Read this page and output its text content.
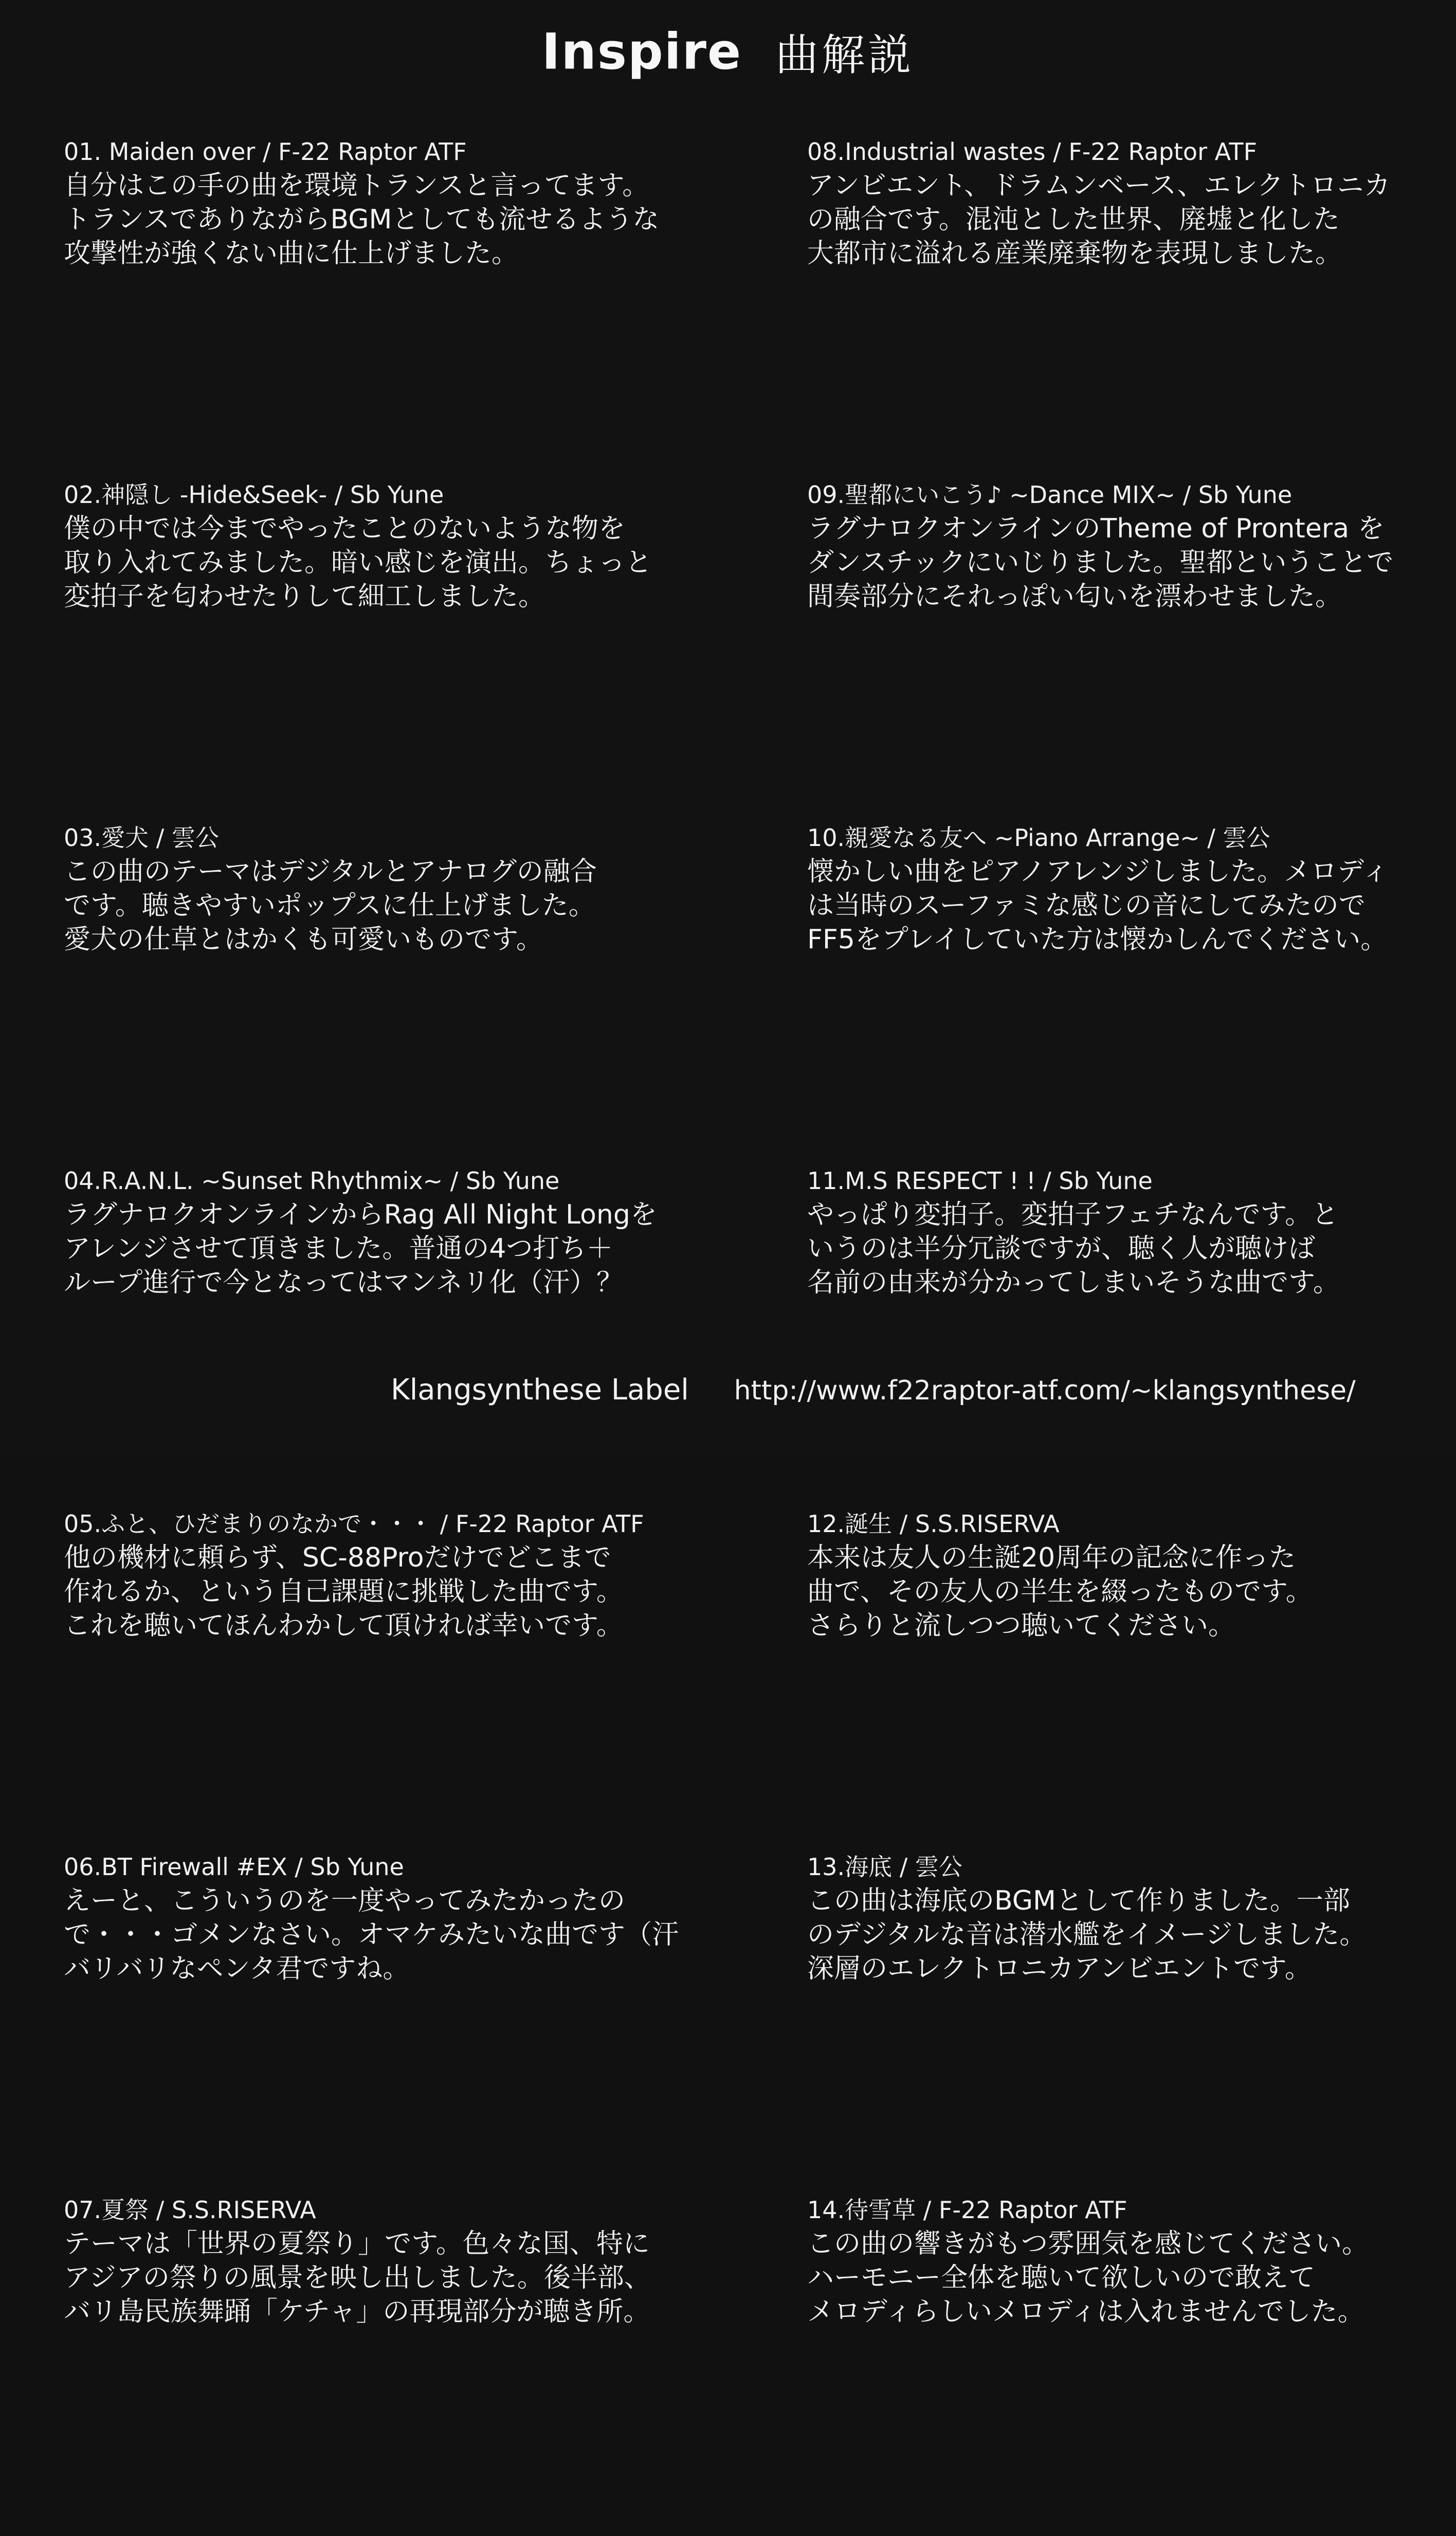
Inspire 曲解説
01. Maiden over / F-22 Raptor ATF

自分はこの手の曲を環境トランスと言ってます。
トランスでありながらBGMとしても流せるような
攻撃性が強くない曲に仕上げました。

02.神隠し -Hide&Seek- / Sb Yune

僕の中では今までやったことのないような物を
取り入れてみました。暗い感じを演出。ちょっと
変拍子を匂わせたりして細工しました。

03.愛犬 / 雲公

この曲のテーマはデジタルとアナログの融合
です。聴きやすいポップスに仕上げました。
愛犬の仕草とはかくも可愛いものです。

04.R.A.N.L. ~Sunset Rhythmix~ / Sb Yune

ラグナロクオンラインからRag All Night Longを
アレンジさせて頂きました。普通の4つ打ち＋
ループ進行で今となってはマンネリ化（汗）？

05.ふと、ひだまりのなかで・・・ / F-22 Raptor ATF

他の機材に頼らず、SC-88Proだけでどこまで
作れるか、という自己課題に挑戦した曲です。
これを聴いてほんわかして頂ければ幸いです。

06.BT Firewall #EX / Sb Yune

えーと、こういうのを一度やってみたかったの
で・・・ゴメンなさい。オマケみたいな曲です（汗
バリバリなペンタ君ですね。

07.夏祭 / S.S.RISERVA

テーマは「世界の夏祭り」です。色々な国、特に
アジアの祭りの風景を映し出しました。後半部、
バリ島民族舞踊「ケチャ」の再現部分が聴き所。

08.Industrial wastes / F-22 Raptor ATF

アンビエント、ドラムンベース、エレクトロニカ
の融合です。混沌とした世界、廃墟と化した
大都市に溢れる産業廃棄物を表現しました。

09.聖都にいこう♪ ~Dance MIX~ / Sb Yune

ラグナロクオンラインのTheme of Prontera を
ダンスチックにいじりました。聖都ということで
間奏部分にそれっぽい匂いを漂わせました。

10.親愛なる友へ ~Piano Arrange~ / 雲公

懐かしい曲をピアノアレンジしました。メロディ
は当時のスーファミな感じの音にしてみたので
FF5をプレイしていた方は懐かしんでください。

11.M.S RESPECT ! ! / Sb Yune

やっぱり変拍子。変拍子フェチなんです。と
いうのは半分冗談ですが、聴く人が聴けば
名前の由来が分かってしまいそうな曲です。

12.誕生 / S.S.RISERVA

本来は友人の生誕20周年の記念に作った
曲で、その友人の半生を綴ったものです。
さらりと流しつつ聴いてください。

13.海底 / 雲公

この曲は海底のBGMとして作りました。一部
のデジタルな音は潜水艦をイメージしました。
深層のエレクトロニカアンビエントです。

14.待雪草 / F-22 Raptor ATF

この曲の響きがもつ雰囲気を感じてください。
ハーモニー全体を聴いて欲しいので敢えて
メロディらしいメロディは入れませんでした。

Klangsynthese Label http://www.f22raptor-atf.com/~klangsynthese/
